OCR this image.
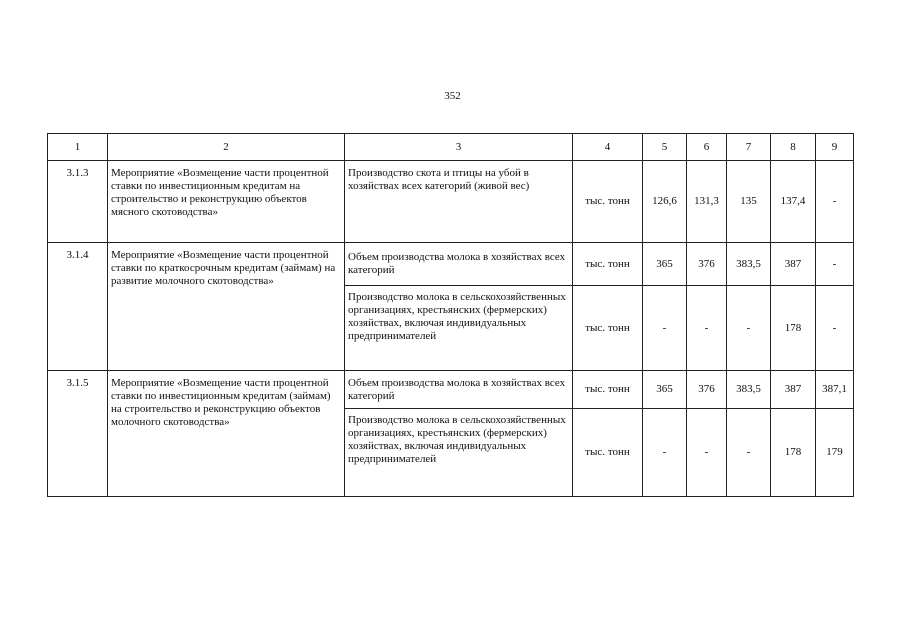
352
1	2	3	4	5	6	7	8	9
3.1.3	Мероприятие «Возмещение части процентной ставки по инвестиционным кредитам на строительство и реконструкцию объектов мясного скотоводства»	Производство скота и птицы на убой в хозяйствах всех категорий (живой вес)	тыс. тонн	126,6	131,3	135	137,4	-
3.1.4	Мероприятие «Возмещение части процентной ставки по краткосрочным кредитам (займам) на развитие молочного скотоводства»	Объем производства молока в хозяйствах всех категорий	тыс. тонн	365	376	383,5	387	-
		Производство молока в сельскохозяйственных организациях, крестьянских (фермерских) хозяйствах, включая индивидуальных предпринимателей	тыс. тонн	-	-	-	178	-
3.1.5	Мероприятие «Возмещение части процентной ставки по инвестиционным кредитам (займам) на строительство и реконструкцию объектов молочного скотоводства»	Объем производства молока в хозяйствах всех категорий	тыс. тонн	365	376	383,5	387	387,1
		Производство молока в сельскохозяйственных организациях, крестьянских (фермерских) хозяйствах, включая индивидуальных предпринимателей	тыс. тонн	-	-	-	178	179
